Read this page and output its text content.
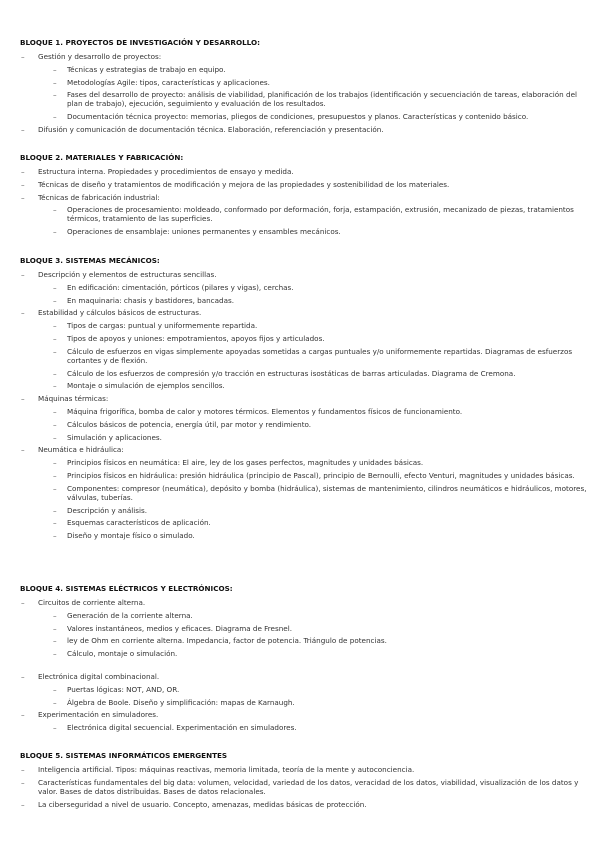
BLOQUE 1. PROYECTOS DE INVESTIGACIÓN Y DESARROLLO:
– Gestión y desarrollo de proyectos:
– Técnicas y estrategias de trabajo en equipo.
– Metodologías Agile: tipos, características y aplicaciones.
– Fases del desarrollo de proyecto: análisis de viabilidad, planificación de los trabajos (identificación y secuenciación de tareas, elaboración del plan de trabajo), ejecución, seguimiento y evaluación de los resultados.
– Documentación técnica proyecto: memorias, pliegos de condiciones, presupuestos y planos. Características y contenido básico.
– Difusión y comunicación de documentación técnica. Elaboración, referenciación y presentación.
BLOQUE 2. MATERIALES Y FABRICACIÓN:
– Estructura interna. Propiedades y procedimientos de ensayo y medida.
– Técnicas de diseño y tratamientos de modificación y mejora de las propiedades y sostenibilidad de los materiales.
– Técnicas de fabricación industrial:
– Operaciones de procesamiento: moldeado, conformado por deformación, forja, estampación, extrusión, mecanizado de piezas, tratamientos térmicos, tratamiento de las superficies.
– Operaciones de ensamblaje: uniones permanentes y ensambles mecánicos.
BLOQUE 3. SISTEMAS MECÁNICOS:
– Descripción y elementos de estructuras sencillas.
– En edificación: cimentación, pórticos (pilares y vigas), cerchas.
– En maquinaria: chasis y bastidores, bancadas.
– Estabilidad y cálculos básicos de estructuras.
– Tipos de cargas: puntual y uniformemente repartida.
– Tipos de apoyos y uniones: empotramientos, apoyos fijos y articulados.
– Cálculo de esfuerzos en vigas simplemente apoyadas sometidas a cargas puntuales y/o uniformemente repartidas. Diagramas de esfuerzos cortantes y de flexión.
– Cálculo de los esfuerzos de compresión y/o tracción en estructuras isostáticas de barras articuladas. Diagrama de Cremona.
– Montaje o simulación de ejemplos sencillos.
– Máquinas térmicas:
– Máquina frigorífica, bomba de calor y motores térmicos. Elementos y fundamentos físicos de funcionamiento.
– Cálculos básicos de potencia, energía útil, par motor y rendimiento.
– Simulación y aplicaciones.
– Neumática e hidráulica:
– Principios físicos en neumática: El aire, ley de los gases perfectos, magnitudes y unidades básicas.
– Principios físicos en hidráulica: presión hidráulica (principio de Pascal), principio de Bernoulli, efecto Venturi, magnitudes y unidades básicas.
– Componentes: compresor (neumática), depósito y bomba (hidráulica), sistemas de mantenimiento, cilindros neumáticos e hidráulicos, motores, válvulas, tuberías.
– Descripción y análisis.
– Esquemas característicos de aplicación.
– Diseño y montaje físico o simulado.
BLOQUE 4. SISTEMAS ELÉCTRICOS Y ELECTRÓNICOS:
– Circuitos de corriente alterna.
– Generación de la corriente alterna.
– Valores instantáneos, medios y eficaces. Diagrama de Fresnel.
– ley de Ohm en corriente alterna. Impedancia, factor de potencia. Triángulo de potencias.
– Cálculo, montaje o simulación.
– Electrónica digital combinacional.
– Puertas lógicas: NOT, AND, OR.
– Álgebra de Boole. Diseño y simplificación: mapas de Karnaugh.
– Experimentación en simuladores.
– Electrónica digital secuencial. Experimentación en simuladores.
BLOQUE 5. SISTEMAS INFORMÁTICOS EMERGENTES
– Inteligencia artificial. Tipos: máquinas reactivas, memoria limitada, teoría de la mente y autoconciencia.
– Características fundamentales del big data: volumen, velocidad, variedad de los datos, veracidad de los datos, viabilidad, visualización de los datos y valor. Bases de datos distribuidas. Bases de datos relacionales.
– La ciberseguridad a nivel de usuario. Concepto, amenazas, medidas básicas de protección.
